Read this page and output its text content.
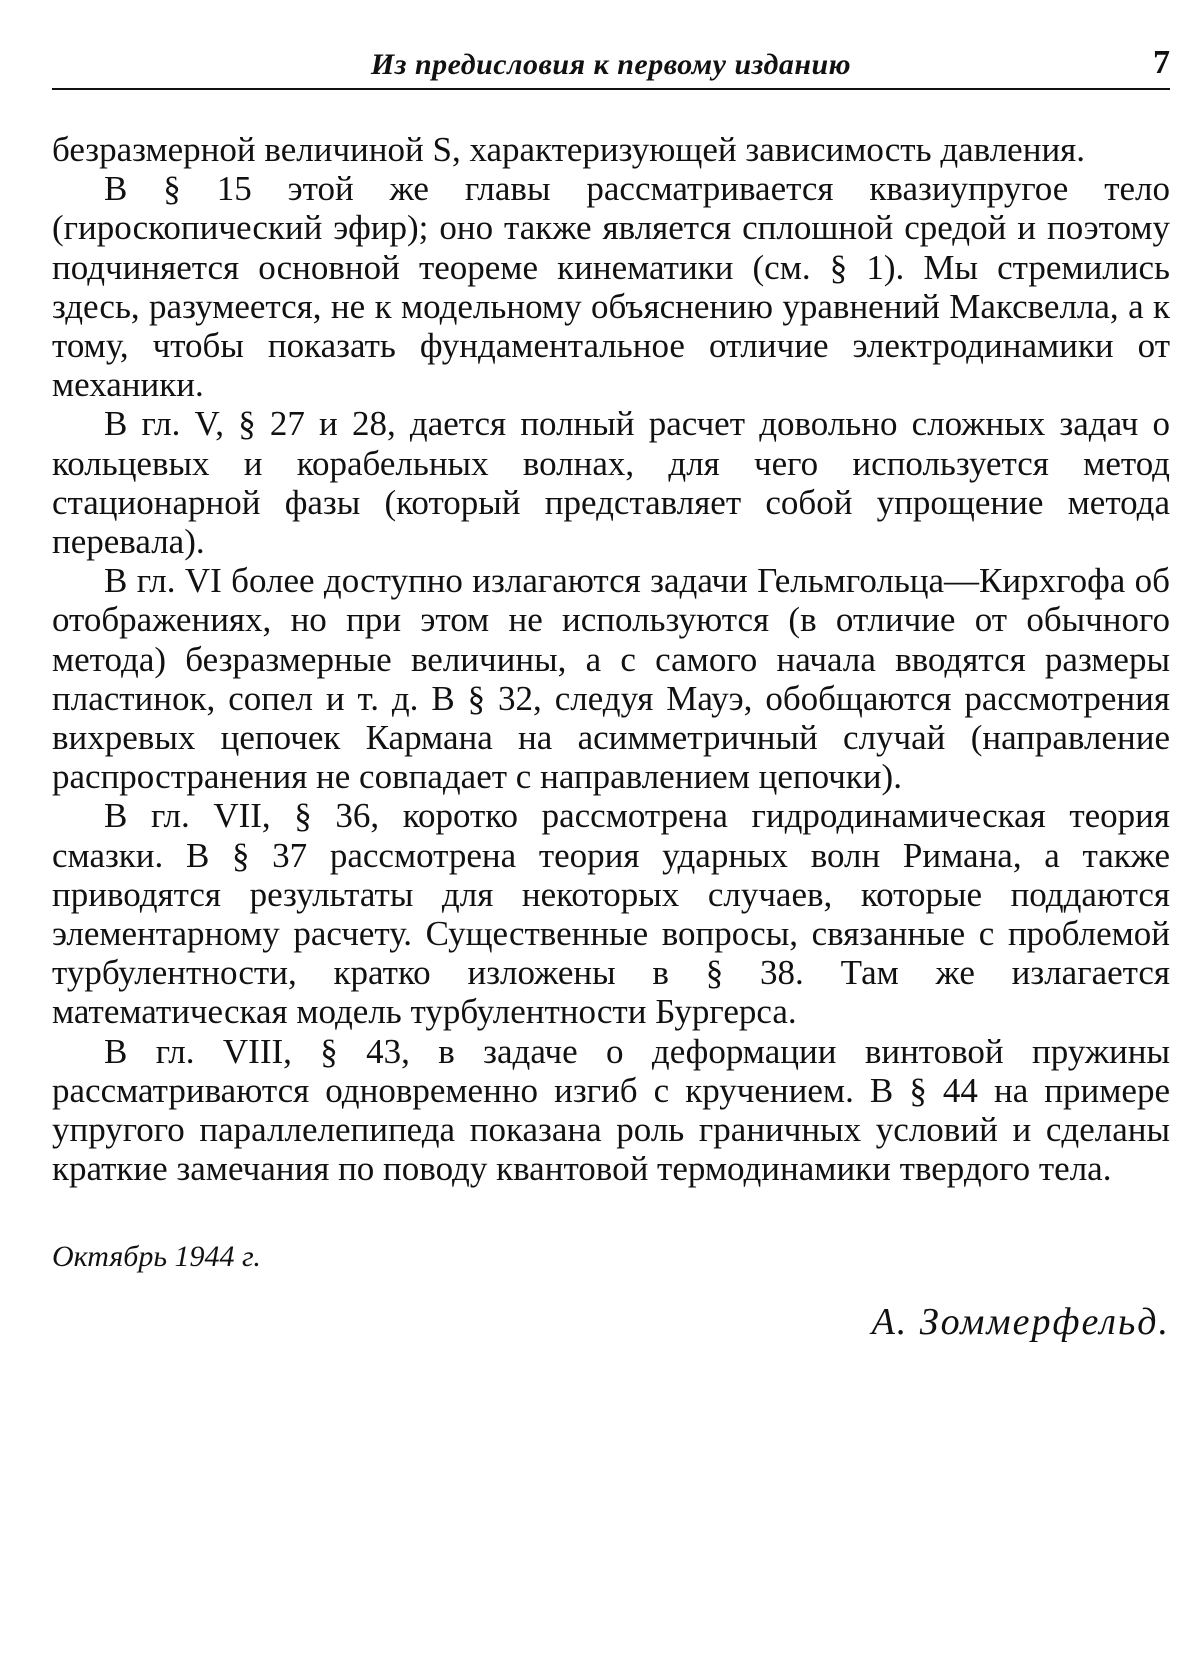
Из предисловия к первому изданию	7

безразмерной величиной S, характеризующей зависимость давления.

В § 15 этой же главы рассматривается квазиупругое тело (гироскопический эфир); оно также является сплошной средой и поэтому подчиняется основной теореме кинематики (см. § 1). Мы стремились здесь, разумеется, не к модельному объяснению уравнений Максвелла, а к тому, чтобы показать фундаментальное отличие электродинамики от механики.

В гл. V, § 27 и 28, дается полный расчет довольно сложных задач о кольцевых и корабельных волнах, для чего используется метод стационарной фазы (который представляет собой упрощение метода перевала).

В гл. VI более доступно излагаются задачи Гельмгольца—Кирхгофа об отображениях, но при этом не используются (в отличие от обычного метода) безразмерные величины, а с самого начала вводятся размеры пластинок, сопел и т. д. В § 32, следуя Мауэ, обобщаются рассмотрения вихревых цепочек Кармана на асимметричный случай (направление распространения не совпадает с направлением цепочки).

В гл. VII, § 36, коротко рассмотрена гидродинамическая теория смазки. В § 37 рассмотрена теория ударных волн Римана, а также приводятся результаты для некоторых случаев, которые поддаются элементарному расчету. Существенные вопросы, связанные с проблемой турбулентности, кратко изложены в § 38. Там же излагается математическая модель турбулентности Бургерса.

В гл. VIII, § 43, в задаче о деформации винтовой пружины рассматриваются одновременно изгиб с кручением. В § 44 на примере упругого параллелепипеда показана роль граничных условий и сделаны краткие замечания по поводу квантовой термодинамики твердого тела.

Октябрь 1944 г.
А. Зоммерфельд.
